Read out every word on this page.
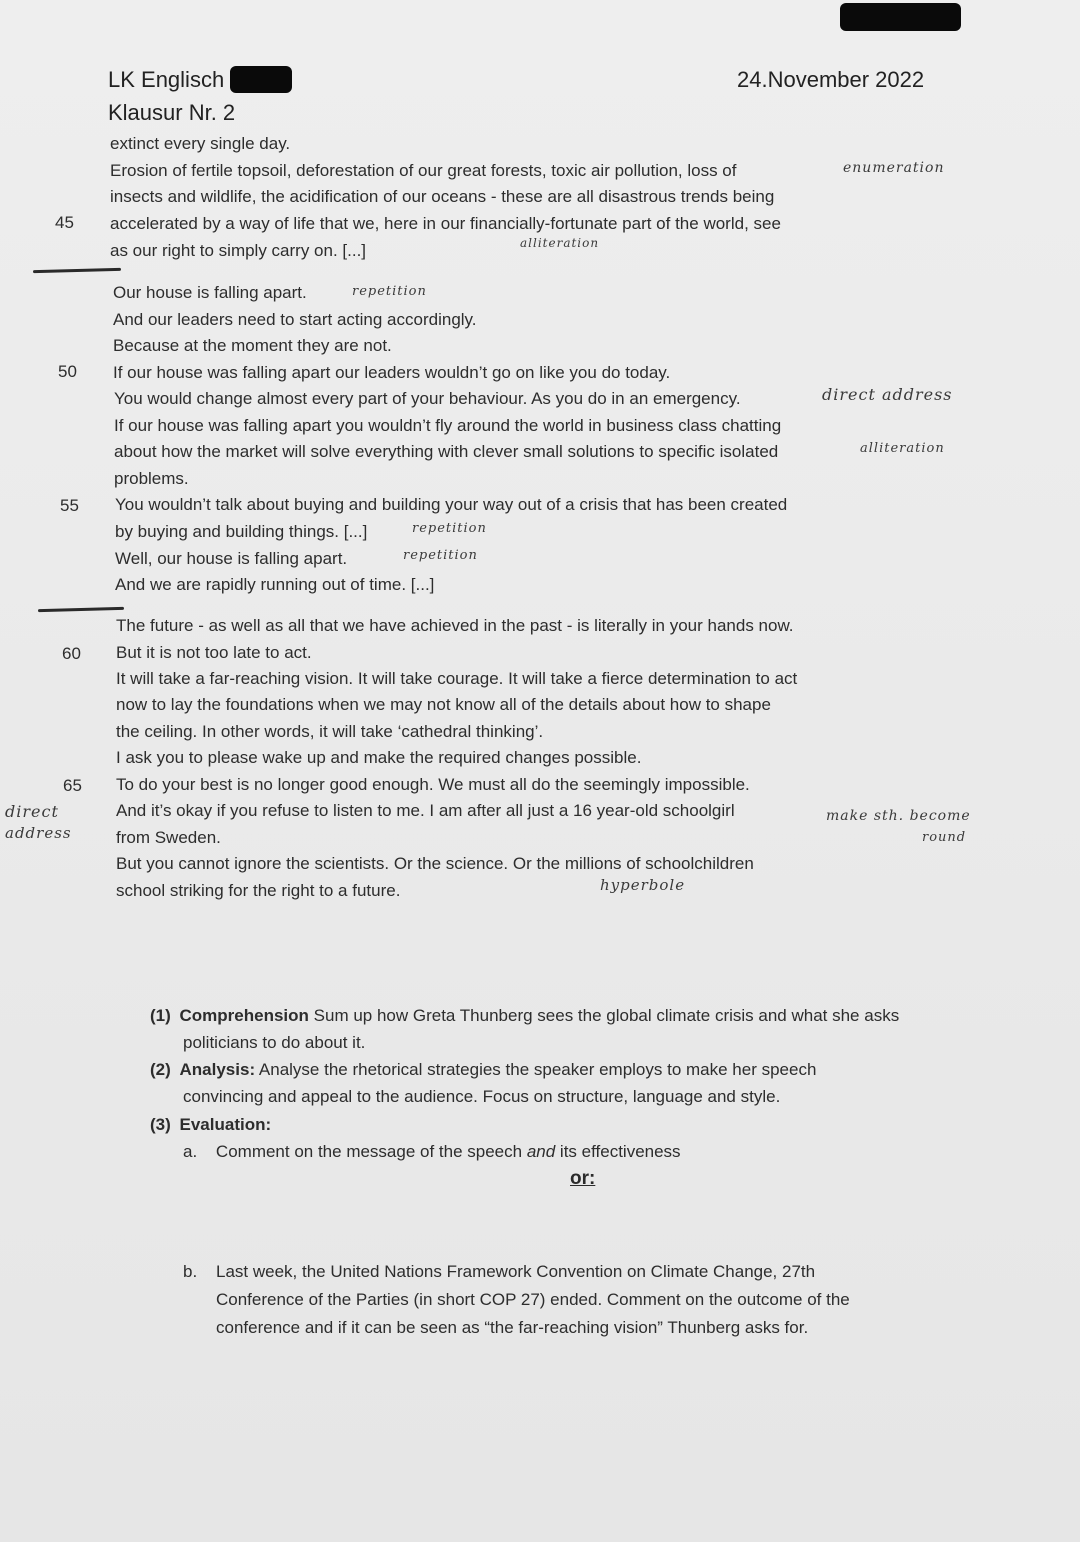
LK Englisch
Klausur Nr. 2
24.November 2022
45
50
55
60
65
extinct every single day.
Erosion of fertile topsoil, deforestation of our great forests, toxic air pollution, loss of
insects and wildlife, the acidification of our oceans - these are all disastrous trends being
accelerated by a way of life that we, here in our financially-fortunate part of the world, see
as our right to simply carry on. [...]
Our house is falling apart.
And our leaders need to start acting accordingly.
Because at the moment they are not.
If our house was falling apart our leaders wouldn’t go on like you do today.
You would change almost every part of your behaviour. As you do in an emergency.
If our house was falling apart you wouldn’t fly around the world in business class chatting
about how the market will solve everything with clever small solutions to specific isolated
problems.
You wouldn’t talk about buying and building your way out of a crisis that has been created
by buying and building things. [...]
Well, our house is falling apart.
And we are rapidly running out of time. [...]
The future - as well as all that we have achieved in the past - is literally in your hands now.
But it is not too late to act.
It will take a far-reaching vision. It will take courage. It will take a fierce determination to act
now to lay the foundations when we may not know all of the details about how to shape
the ceiling. In other words, it will take ‘cathedral thinking’.
I ask you to please wake up and make the required changes possible.
To do your best is no longer good enough. We must all do the seemingly impossible.
And it’s okay if you refuse to listen to me. I am after all just a 16 year-old schoolgirl
from Sweden.
But you cannot ignore the scientists. Or the science. Or the millions of schoolchildren
school striking for the right to a future.
enumeration
alliteration
repetition
direct address
alliteration
repetition
repetition
direct
address
make sth. become
round
hyperbole
(1) Comprehension Sum up how Greta Thunberg sees the global climate crisis and what she asks
politicians to do about it.
(2) Analysis: Analyse the rhetorical strategies the speaker employs to make her speech
convincing and appeal to the audience. Focus on structure, language and style.
(3) Evaluation:
a. Comment on the message of the speech and its effectiveness
or:
b. Last week, the United Nations Framework Convention on Climate Change, 27th
Conference of the Parties (in short COP 27) ended. Comment on the outcome of the
conference and if it can be seen as “the far-reaching vision” Thunberg asks for.
